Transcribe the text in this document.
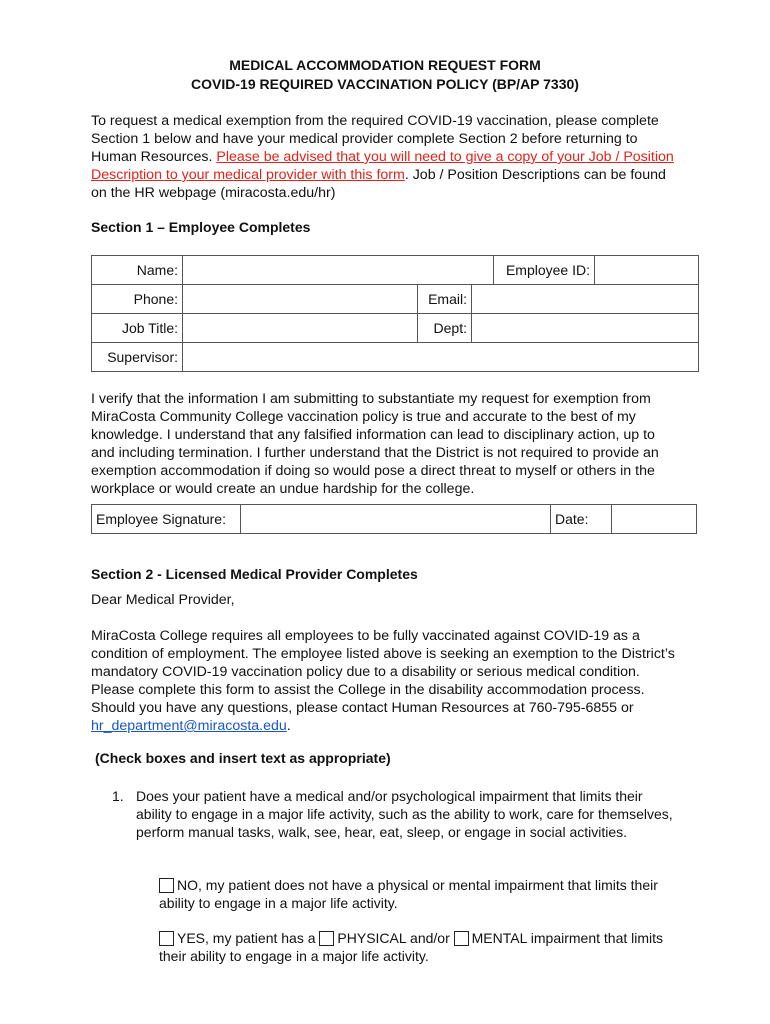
MEDICAL ACCOMMODATION REQUEST FORM
COVID-19 REQUIRED VACCINATION POLICY (BP/AP 7330)
To request a medical exemption from the required COVID-19 vaccination, please complete Section 1 below and have your medical provider complete Section 2 before returning to Human Resources. Please be advised that you will need to give a copy of your Job / Position Description to your medical provider with this form. Job / Position Descriptions can be found on the HR webpage (miracosta.edu/hr)
Section 1 – Employee Completes
Name:				Employee ID:	
Phone:		Email:			
Job Title:		Dept:			
Supervisor:					
I verify that the information I am submitting to substantiate my request for exemption from MiraCosta Community College vaccination policy is true and accurate to the best of my knowledge. I understand that any falsified information can lead to disciplinary action, up to and including termination. I further understand that the District is not required to provide an exemption accommodation if doing so would pose a direct threat to myself or others in the workplace or would create an undue hardship for the college.
Employee Signature:		Date:	
Section 2 - Licensed Medical Provider Completes
Dear Medical Provider,
MiraCosta College requires all employees to be fully vaccinated against COVID-19 as a condition of employment. The employee listed above is seeking an exemption to the District’s mandatory COVID-19 vaccination policy due to a disability or serious medical condition. Please complete this form to assist the College in the disability accommodation process. Should you have any questions, please contact Human Resources at 760-795-6855 or hr_department@miracosta.edu.
(Check boxes and insert text as appropriate)
1. Does your patient have a medical and/or psychological impairment that limits their ability to engage in a major life activity, such as the ability to work, care for themselves, perform manual tasks, walk, see, hear, eat, sleep, or engage in social activities.
NO, my patient does not have a physical or mental impairment that limits their ability to engage in a major life activity.
YES, my patient has a PHYSICAL and/or MENTAL impairment that limits their ability to engage in a major life activity.
